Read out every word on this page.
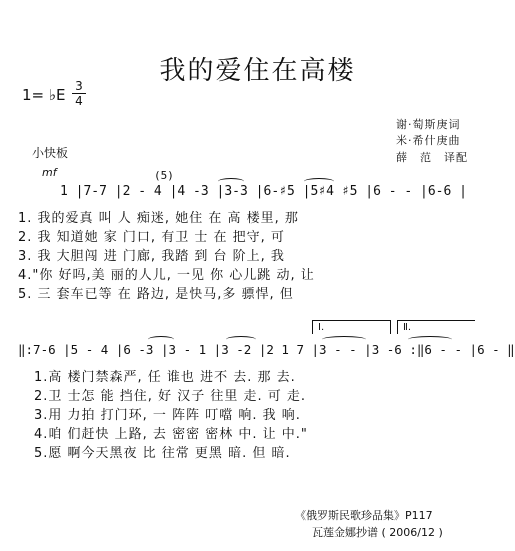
我的爱住在高楼
1= ♭E 3
4
谢·萄斯庚词
米·希什庚曲
薛　范　译配
小快板
mf	(5)
1 |7-7 |2 - 4 |4 -3 |3-3 |6-♯5 |5♯4 ♯5 |6 - - |6-6 |
1. 我的爱真 叫 人 痴迷, 她住 在 高 楼里, 那
2. 我 知道她 家 门口, 有卫 士 在 把守, 可
3. 我 大胆闯 进 门廊, 我踏 到 台 阶上, 我
4."你 好吗,美 丽的人儿, 一见 你 心儿跳 动, 让
5. 三 套车已等 在 路边, 是快马,多 骠悍, 但
Ⅰ.	Ⅱ.
‖:7-6 |5 - 4 |6 -3 |3 - 1 |3 -2 |2 1 7 |3 - - |3 -6 :‖6 - - |6 - ‖
1.高 楼门禁森严, 任 谁也 进不 去. 那 去.
2.卫 士怎 能 挡住, 好 汉子 往里 走. 可 走.
3.用 力拍 打门环, 一 阵阵 叮噹 响. 我 响.
4.咱 们赶快 上路, 去 密密 密林 中. 让 中."
5.愿 啊今天黑夜 比 往常 更黑 暗. 但 暗.
《俄罗斯民歌珍品集》P117
瓦莲金娜抄谱 ( 2006/12 )
